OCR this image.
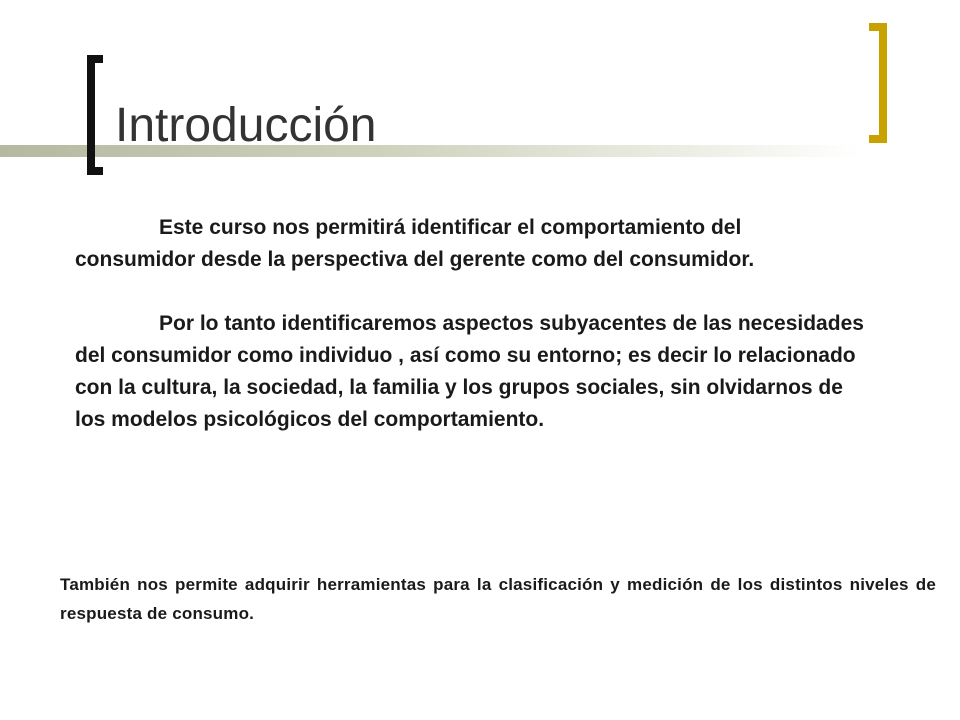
Introducción

Este curso nos permitirá identificar el comportamiento del consumidor desde la perspectiva del gerente como del consumidor.

Por lo tanto identificaremos aspectos subyacentes de las necesidades del consumidor como individuo , así como su entorno; es decir lo relacionado con la cultura, la sociedad, la familia y los grupos sociales, sin olvidarnos de los modelos psicológicos del comportamiento.

También nos permite adquirir herramientas para la clasificación y medición de los distintos niveles de respuesta de consumo.
